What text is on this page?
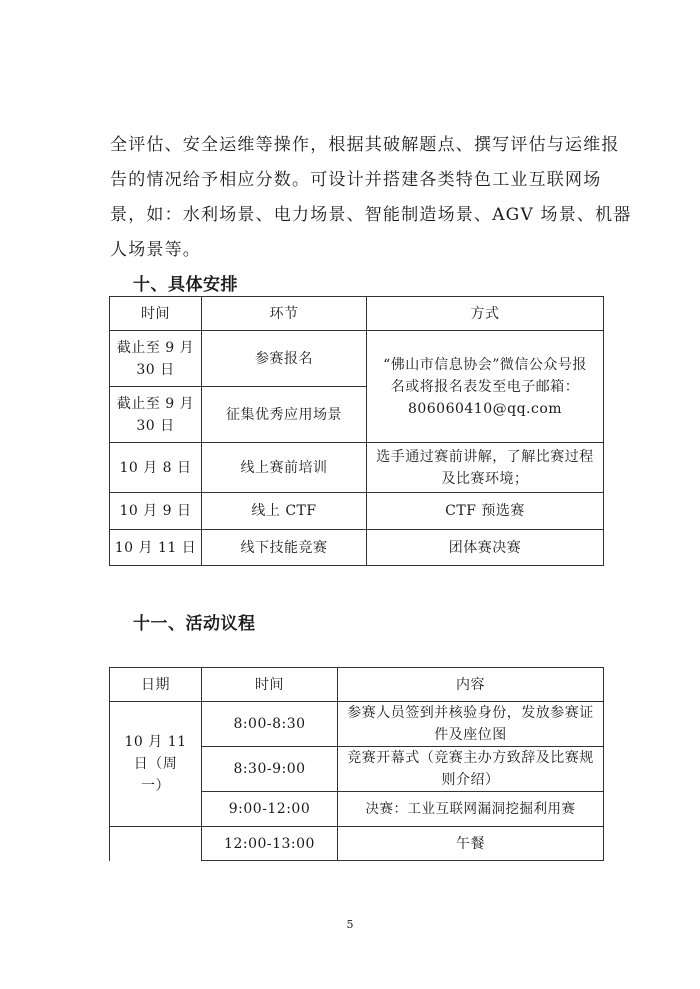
全评估、安全运维等操作，根据其破解题点、撰写评估与运维报
告的情况给予相应分数。可设计并搭建各类特色工业互联网场
景，如：水利场景、电力场景、智能制造场景、AGV 场景、机器
人场景等。
十、具体安排
时间	环节	方式
截止至 9 月 30 日	参赛报名	“佛山市信息协会”微信公众号报名或将报名表发至电子邮箱：806060410@qq.com
截止至 9 月 30 日	征集优秀应用场景	
10 月 8 日	线上赛前培训	选手通过赛前讲解，了解比赛过程及比赛环境；
10 月 9 日	线上 CTF	CTF 预选赛
10 月 11 日	线下技能竞赛	团体赛决赛
十一、活动议程
日期	时间	内容
10 月 11 日（周一）	8:00-8:30	参赛人员签到并核验身份，发放参赛证件及座位图
	8:30-9:00	竞赛开幕式（竞赛主办方致辞及比赛规则介绍）
	9:00-12:00	决赛：工业互联网漏洞挖掘利用赛
	12:00-13:00	午餐
5
